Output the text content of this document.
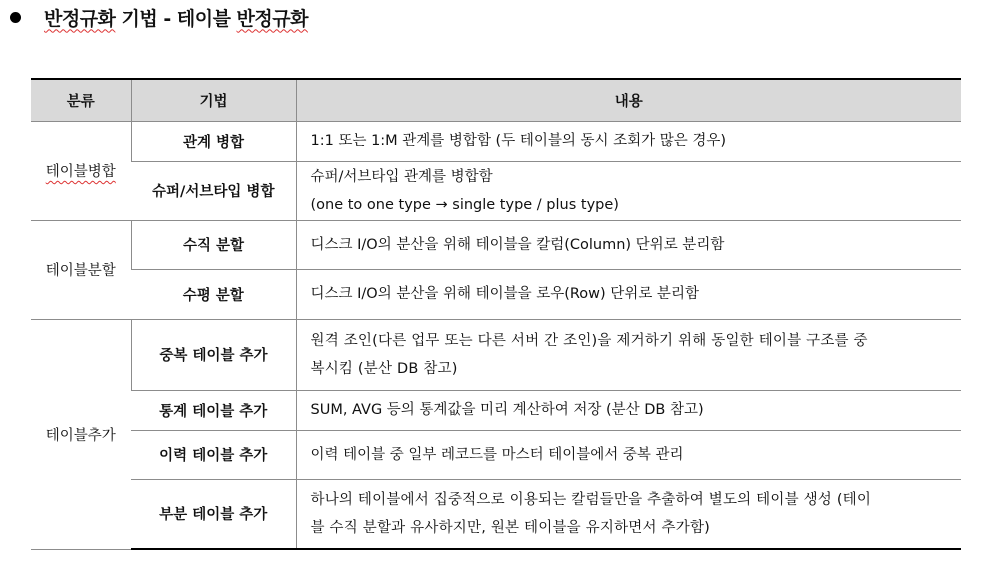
반정규화 기법 - 테이블 반정규화
분류	기법	내용
테이블병합	관계 병합	1:1 또는 1:M 관계를 병합함 (두 테이블의 동시 조회가 많은 경우)

	슈퍼/서브타입 병합	슈퍼/서브타입 관계를 병합함
(one to one type → single type / plus type)

테이블분할	수직 분할	디스크 I/O의 분산을 위해 테이블을 칼럼(Column) 단위로 분리함

	수평 분할	디스크 I/O의 분산을 위해 테이블을 로우(Row) 단위로 분리함

테이블추가	중복 테이블 추가	원격 조인(다른 업무 또는 다른 서버 간 조인)을 제거하기 위해 동일한 테이블 구조를 중
복시킴 (분산 DB 참고)

	통계 테이블 추가	SUM, AVG 등의 통계값을 미리 계산하여 저장 (분산 DB 참고)

	이력 테이블 추가	이력 테이블 중 일부 레코드를 마스터 테이블에서 중복 관리

	부분 테이블 추가	하나의 테이블에서 집중적으로 이용되는 칼럼들만을 추출하여 별도의 테이블 생성 (테이
블 수직 분할과 유사하지만, 원본 테이블을 유지하면서 추가함)
